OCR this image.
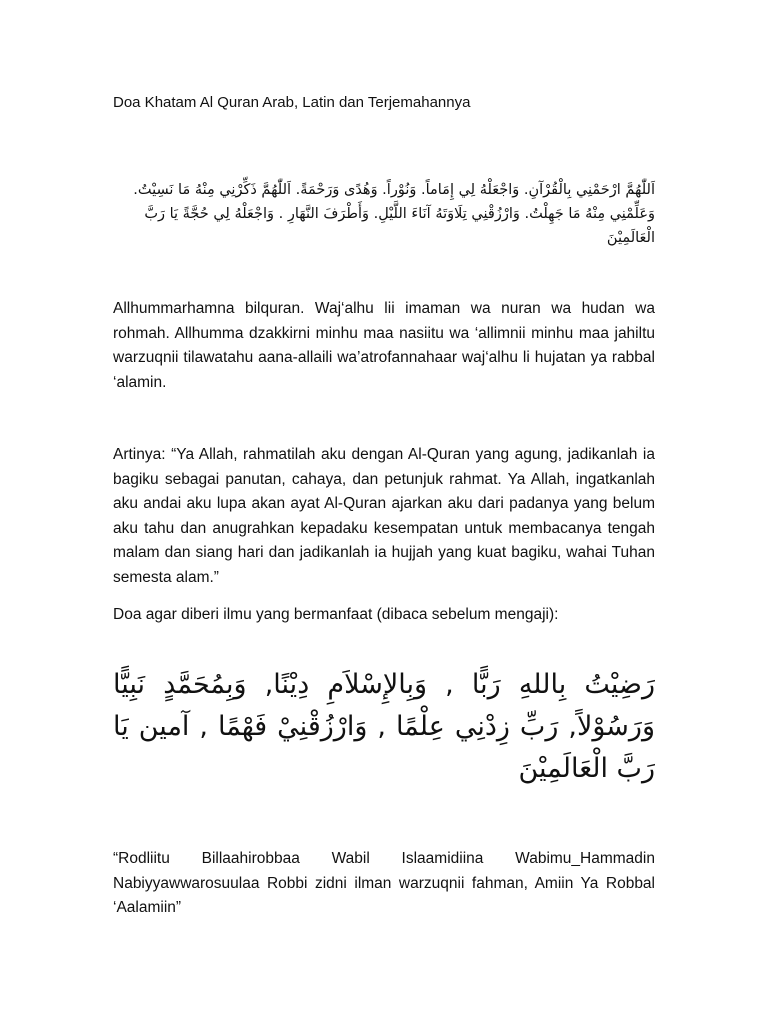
Doa Khatam Al Quran Arab, Latin dan Terjemahannya

اَللّٰهُمَّ ارْحَمْنِي بِالْقُرْآنِ. وَاجْعَلْهُ لِي إِمَاماً. وَنُوْراً. وَهُدًى وَرَحْمَةً. اَللّٰهُمَّ ذَكِّرْنِي مِنْهُ مَا نَسِيْتُ. وَعَلِّمْنِي مِنْهُ مَا جَهِلْتُ. وَارْزُقْنِي تِلَاوَتَهُ آنَاءَ اللَّيْلِ. وَأَطْرَفَ النَّهَارِ . وَاجْعَلْهُ لِي حُجَّةً يَا رَبَّ الْعَالَمِيْنَ

Allhummarhamna bilquran. Waj‘alhu lii imaman wa nuran wa hudan wa rohmah. Allhumma dzakkirni minhu maa nasiitu wa ‘allimnii minhu maa jahiltu warzuqnii tilawatahu aana-allaili wa’atrofannahaar waj‘alhu li hujatan ya rabbal ‘alamin.

Artinya: “Ya Allah, rahmatilah aku dengan Al-Quran yang agung, jadikanlah ia bagiku sebagai panutan, cahaya, dan petunjuk rahmat. Ya Allah, ingatkanlah aku andai aku lupa akan ayat Al-Quran ajarkan aku dari padanya yang belum aku tahu dan anugrahkan kepadaku kesempatan untuk membacanya tengah malam dan siang hari dan jadikanlah ia hujjah yang kuat bagiku, wahai Tuhan semesta alam.”

Doa agar diberi ilmu yang bermanfaat (dibaca sebelum mengaji):

رَضِيْتُ بِاللهِ رَبًّا , وَبِالإِسْلاَمِ دِيْنًا, وَبِمُحَمَّدٍ نَبِيًّا وَرَسُوْلاً, رَبِّ زِدْنِي عِلْمًا , وَارْزُقْنِيْ فَهْمًا , آمين يَا رَبَّ الْعَالَمِيْنَ

“Rodliitu Billaahirobbaa Wabil Islaamidiina Wabimu_Hammadin Nabiyyawwarosuulaa Robbi zidni ilman warzuqnii fahman, Amiin Ya Robbal ‘Aalamiin”
